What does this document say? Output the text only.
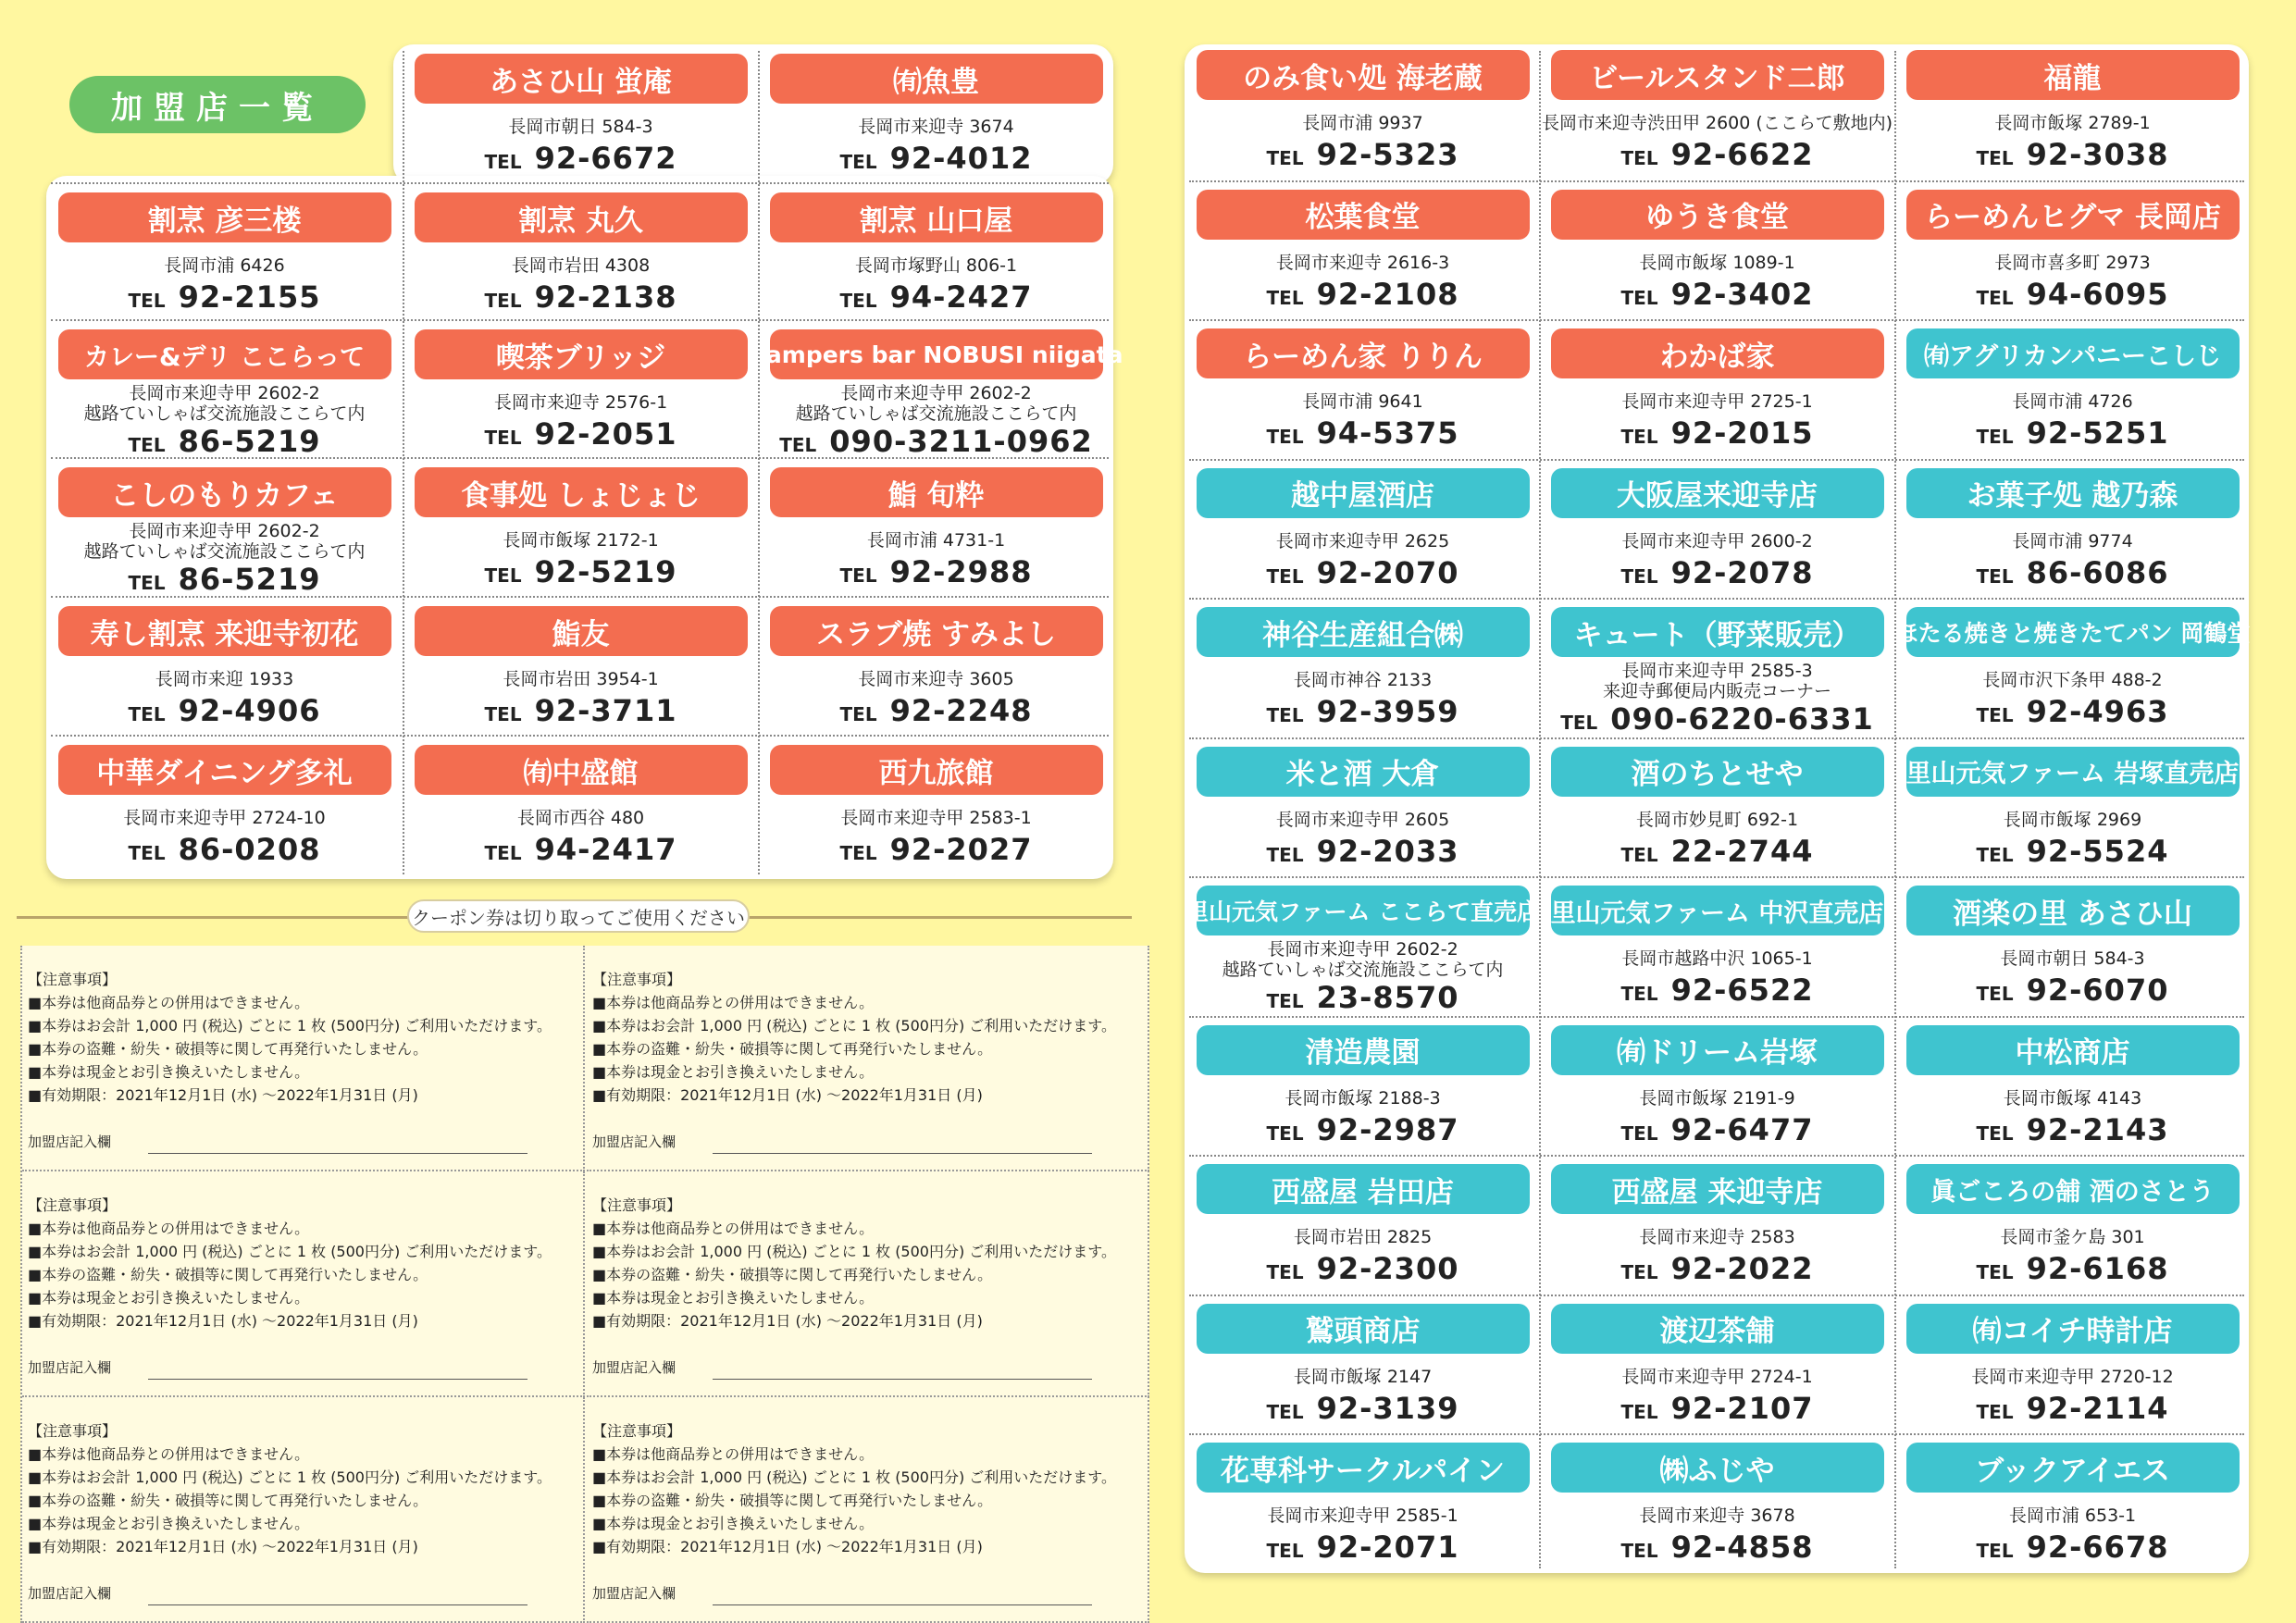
加盟店一覧
あさひ山 蛍庵
長岡市朝日 584-3
TEL 92-6672
㈲魚豊
長岡市来迎寺 3674
TEL 92-4012
割烹 彦三楼
長岡市浦 6426
TEL 92-2155
割烹 丸久
長岡市岩田 4308
TEL 92-2138
割烹 山口屋
長岡市塚野山 806-1
TEL 94-2427
カレー&デリ ここらって
長岡市来迎寺甲 2602-2
越路ていしゃば交流施設ここらて内
TEL 86-5219
喫茶ブリッジ
長岡市来迎寺 2576-1
TEL 92-2051
Campers bar NOBUSI niigata
長岡市来迎寺甲 2602-2
越路ていしゃば交流施設ここらて内
TEL 090-3211-0962
こしのもりカフェ
長岡市来迎寺甲 2602-2
越路ていしゃば交流施設ここらて内
TEL 86-5219
食事処 しょじょじ
長岡市飯塚 2172-1
TEL 92-5219
鮨 旬粋
長岡市浦 4731-1
TEL 92-2988
寿し割烹 来迎寺初花
長岡市来迎 1933
TEL 92-4906
鮨友
長岡市岩田 3954-1
TEL 92-3711
スラブ焼 すみよし
長岡市来迎寺 3605
TEL 92-2248
中華ダイニング多礼
長岡市来迎寺甲 2724-10
TEL 86-0208
㈲中盛館
長岡市西谷 480
TEL 94-2417
西九旅館
長岡市来迎寺甲 2583-1
TEL 92-2027
のみ食い処 海老蔵
長岡市浦 9937
TEL 92-5323
ビールスタンド二郎
長岡市来迎寺渋田甲 2600 (ここらて敷地内)
TEL 92-6622
福龍
長岡市飯塚 2789-1
TEL 92-3038
松葉食堂
長岡市来迎寺 2616-3
TEL 92-2108
ゆうき食堂
長岡市飯塚 1089-1
TEL 92-3402
らーめんヒグマ 長岡店
長岡市喜多町 2973
TEL 94-6095
らーめん家 りりん
長岡市浦 9641
TEL 94-5375
わかば家
長岡市来迎寺甲 2725-1
TEL 92-2015
㈲アグリカンパニーこしじ
長岡市浦 4726
TEL 92-5251
越中屋酒店
長岡市来迎寺甲 2625
TEL 92-2070
大阪屋来迎寺店
長岡市来迎寺甲 2600-2
TEL 92-2078
お菓子処 越乃森
長岡市浦 9774
TEL 86-6086
神谷生産組合㈱
長岡市神谷 2133
TEL 92-3959
キュート（野菜販売）
長岡市来迎寺甲 2585-3
来迎寺郵便局内販売コーナー
TEL 090-6220-6331
ほたる焼きと焼きたてパン 岡鶴堂
長岡市沢下条甲 488-2
TEL 92-4963
米と酒 大倉
長岡市来迎寺甲 2605
TEL 92-2033
酒のちとせや
長岡市妙見町 692-1
TEL 22-2744
里山元気ファーム 岩塚直売店
長岡市飯塚 2969
TEL 92-5524
里山元気ファーム ここらて直売店
長岡市来迎寺甲 2602-2
越路ていしゃば交流施設ここらて内
TEL 23-8570
里山元気ファーム 中沢直売店
長岡市越路中沢 1065-1
TEL 92-6522
酒楽の里 あさひ山
長岡市朝日 584-3
TEL 92-6070
清造農園
長岡市飯塚 2188-3
TEL 92-2987
㈲ドリーム岩塚
長岡市飯塚 2191-9
TEL 92-6477
中松商店
長岡市飯塚 4143
TEL 92-2143
西盛屋 岩田店
長岡市岩田 2825
TEL 92-2300
西盛屋 来迎寺店
長岡市来迎寺 2583
TEL 92-2022
眞ごころの舗 酒のさとう
長岡市釜ケ島 301
TEL 92-6168
鷲頭商店
長岡市飯塚 2147
TEL 92-3139
渡辺茶舗
長岡市来迎寺甲 2724-1
TEL 92-2107
㈲コイチ時計店
長岡市来迎寺甲 2720-12
TEL 92-2114
花専科サークルパイン
長岡市来迎寺甲 2585-1
TEL 92-2071
㈱ふじや
長岡市来迎寺 3678
TEL 92-4858
ブックアイエス
長岡市浦 653-1
TEL 92-6678
クーポン券は切り取ってご使用ください
【注意事項】
■本券は他商品券との併用はできません。
■本券はお会計 1,000 円 (税込) ごとに 1 枚 (500円分) ご利用いただけます。
■本券の盗難・紛失・破損等に関して再発行いたしません。
■本券は現金とお引き換えいたしません。
■有効期限：2021年12月1日 (水) ～2022年1月31日 (月)
加盟店記入欄
【注意事項】
■本券は他商品券との併用はできません。
■本券はお会計 1,000 円 (税込) ごとに 1 枚 (500円分) ご利用いただけます。
■本券の盗難・紛失・破損等に関して再発行いたしません。
■本券は現金とお引き換えいたしません。
■有効期限：2021年12月1日 (水) ～2022年1月31日 (月)
加盟店記入欄
【注意事項】
■本券は他商品券との併用はできません。
■本券はお会計 1,000 円 (税込) ごとに 1 枚 (500円分) ご利用いただけます。
■本券の盗難・紛失・破損等に関して再発行いたしません。
■本券は現金とお引き換えいたしません。
■有効期限：2021年12月1日 (水) ～2022年1月31日 (月)
加盟店記入欄
【注意事項】
■本券は他商品券との併用はできません。
■本券はお会計 1,000 円 (税込) ごとに 1 枚 (500円分) ご利用いただけます。
■本券の盗難・紛失・破損等に関して再発行いたしません。
■本券は現金とお引き換えいたしません。
■有効期限：2021年12月1日 (水) ～2022年1月31日 (月)
加盟店記入欄
【注意事項】
■本券は他商品券との併用はできません。
■本券はお会計 1,000 円 (税込) ごとに 1 枚 (500円分) ご利用いただけます。
■本券の盗難・紛失・破損等に関して再発行いたしません。
■本券は現金とお引き換えいたしません。
■有効期限：2021年12月1日 (水) ～2022年1月31日 (月)
加盟店記入欄
【注意事項】
■本券は他商品券との併用はできません。
■本券はお会計 1,000 円 (税込) ごとに 1 枚 (500円分) ご利用いただけます。
■本券の盗難・紛失・破損等に関して再発行いたしません。
■本券は現金とお引き換えいたしません。
■有効期限：2021年12月1日 (水) ～2022年1月31日 (月)
加盟店記入欄
